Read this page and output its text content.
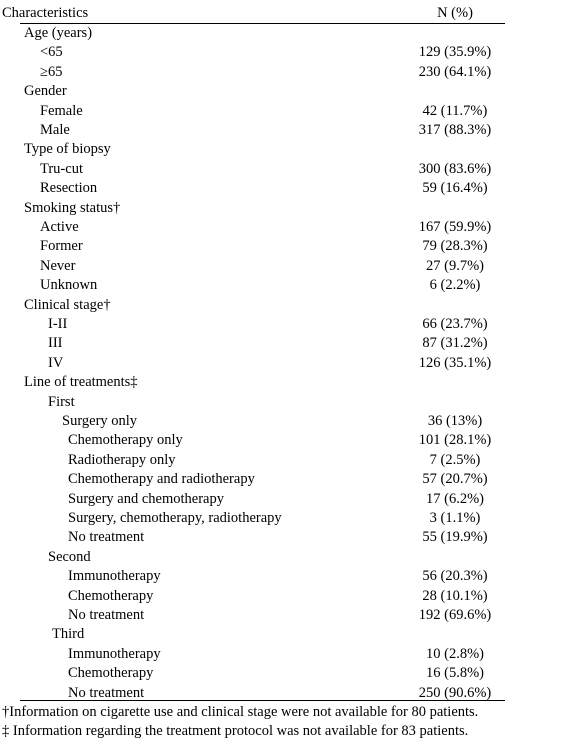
Characteristics	N (%)
Age (years)
<65	129 (35.9%)
≥65	230 (64.1%)
Gender
Female	42 (11.7%)
Male	317 (88.3%)
Type of biopsy
Tru-cut	300 (83.6%)
Resection	59 (16.4%)
Smoking status†
Active	167 (59.9%)
Former	79 (28.3%)
Never	27 (9.7%)
Unknown	6 (2.2%)
Clinical stage†
I-II	66 (23.7%)
III	87 (31.2%)
IV	126 (35.1%)
Line of treatments‡
First
Surgery only	36 (13%)
Chemotherapy only	101 (28.1%)
Radiotherapy only	7 (2.5%)
Chemotherapy and radiotherapy	57 (20.7%)
Surgery and chemotherapy	17 (6.2%)
Surgery, chemotherapy, radiotherapy	3 (1.1%)
No treatment	55 (19.9%)
Second
Immunotherapy	56 (20.3%)
Chemotherapy	28 (10.1%)
No treatment	192 (69.6%)
Third
Immunotherapy	10 (2.8%)
Chemotherapy	16 (5.8%)
No treatment	250 (90.6%)
†Information on cigarette use and clinical stage were not available for 80 patients.
‡ Information regarding the treatment protocol was not available for 83 patients.
